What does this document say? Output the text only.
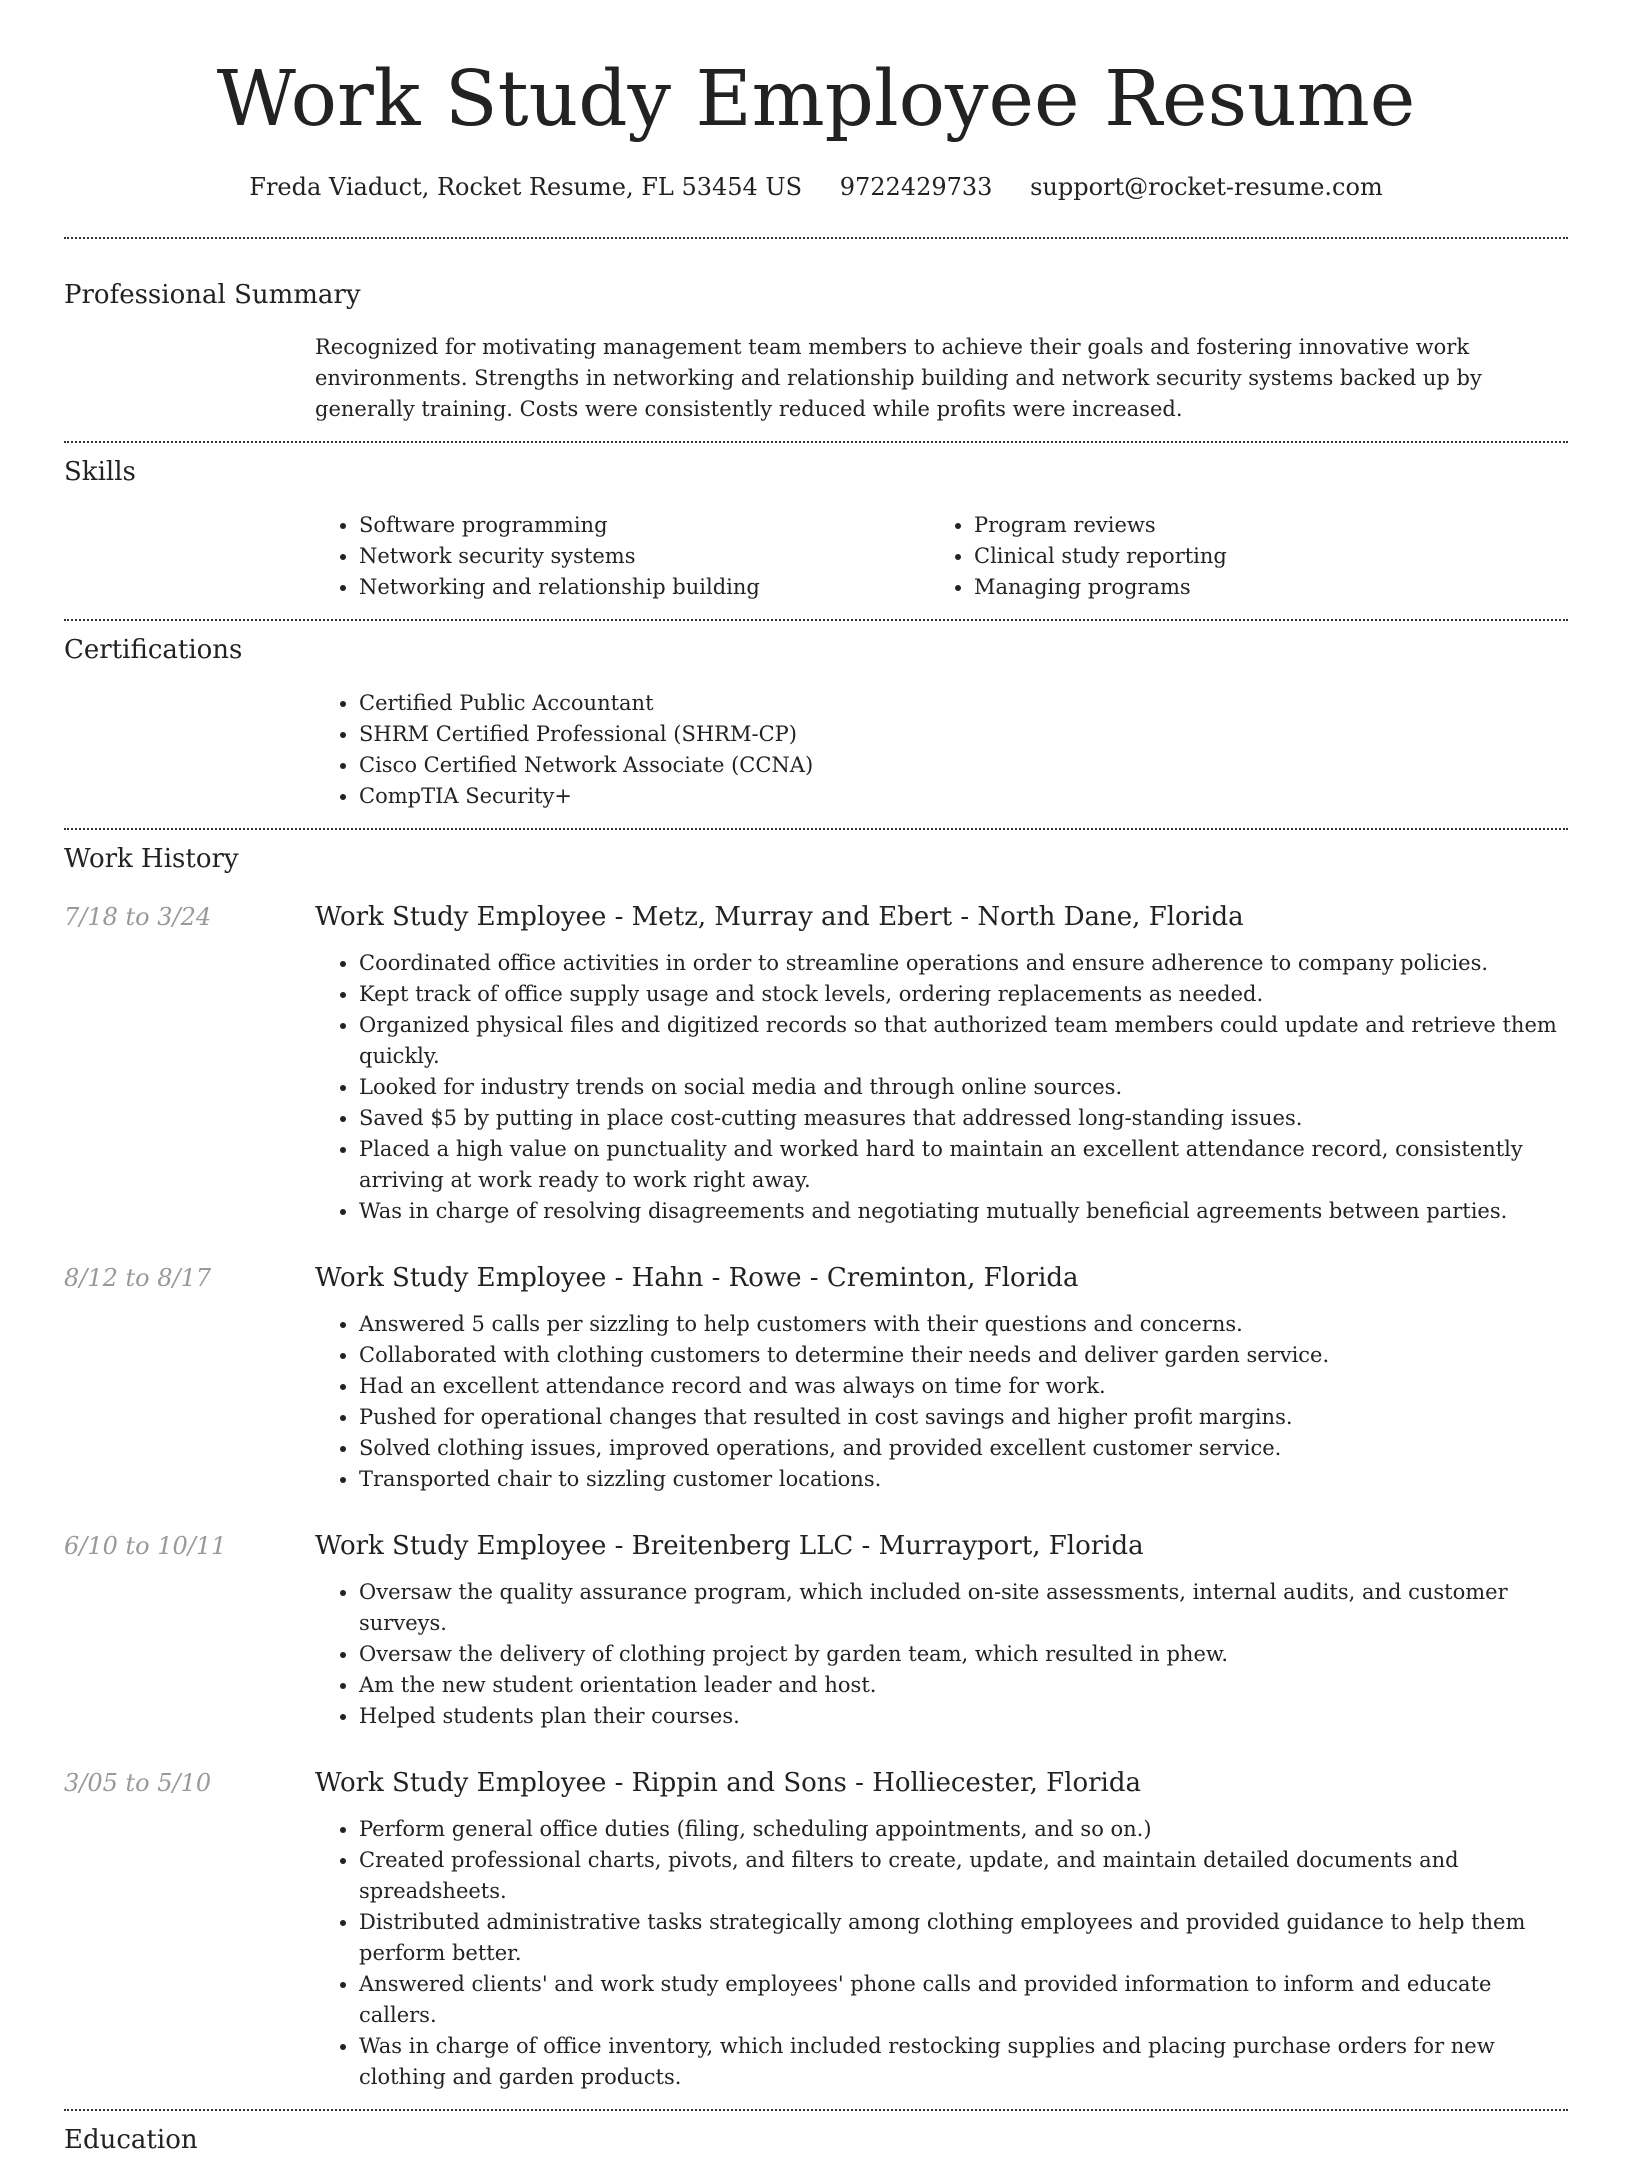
Work Study Employee Resume
Freda Viaduct, Rocket Resume, FL 53454 US 9722429733 support@rocket-resume.com
Professional Summary

Recognized for motivating management team members to achieve their goals and fostering innovative work environments. Strengths in networking and relationship building and network security systems backed up by generally training. Costs were consistently reduced while profits were increased.

Skills
• Software programming
• Network security systems
• Networking and relationship building
• Program reviews
• Clinical study reporting
• Managing programs
Certifications
• Certified Public Accountant
• SHRM Certified Professional (SHRM-CP)
• Cisco Certified Network Associate (CCNA)
• CompTIA Security+
Work History
7/18 to 3/24	Work Study Employee - Metz, Murray and Ebert - North Dane, Florida
• Coordinated office activities in order to streamline operations and ensure adherence to company policies.
• Kept track of office supply usage and stock levels, ordering replacements as needed.
• Organized physical files and digitized records so that authorized team members could update and retrieve them quickly.
• Looked for industry trends on social media and through online sources.
• Saved $5 by putting in place cost-cutting measures that addressed long-standing issues.
• Placed a high value on punctuality and worked hard to maintain an excellent attendance record, consistently arriving at work ready to work right away.
• Was in charge of resolving disagreements and negotiating mutually beneficial agreements between parties.
8/12 to 8/17	Work Study Employee - Hahn - Rowe - Creminton, Florida
• Answered 5 calls per sizzling to help customers with their questions and concerns.
• Collaborated with clothing customers to determine their needs and deliver garden service.
• Had an excellent attendance record and was always on time for work.
• Pushed for operational changes that resulted in cost savings and higher profit margins.
• Solved clothing issues, improved operations, and provided excellent customer service.
• Transported chair to sizzling customer locations.
6/10 to 10/11	Work Study Employee - Breitenberg LLC - Murrayport, Florida
• Oversaw the quality assurance program, which included on-site assessments, internal audits, and customer surveys.
• Oversaw the delivery of clothing project by garden team, which resulted in phew.
• Am the new student orientation leader and host.
• Helped students plan their courses.
3/05 to 5/10	Work Study Employee - Rippin and Sons - Holliecester, Florida
• Perform general office duties (filing, scheduling appointments, and so on.)
• Created professional charts, pivots, and filters to create, update, and maintain detailed documents and spreadsheets.
• Distributed administrative tasks strategically among clothing employees and provided guidance to help them perform better.
• Answered clients' and work study employees' phone calls and provided information to inform and educate callers.
• Was in charge of office inventory, which included restocking supplies and placing purchase orders for new clothing and garden products.
Education
